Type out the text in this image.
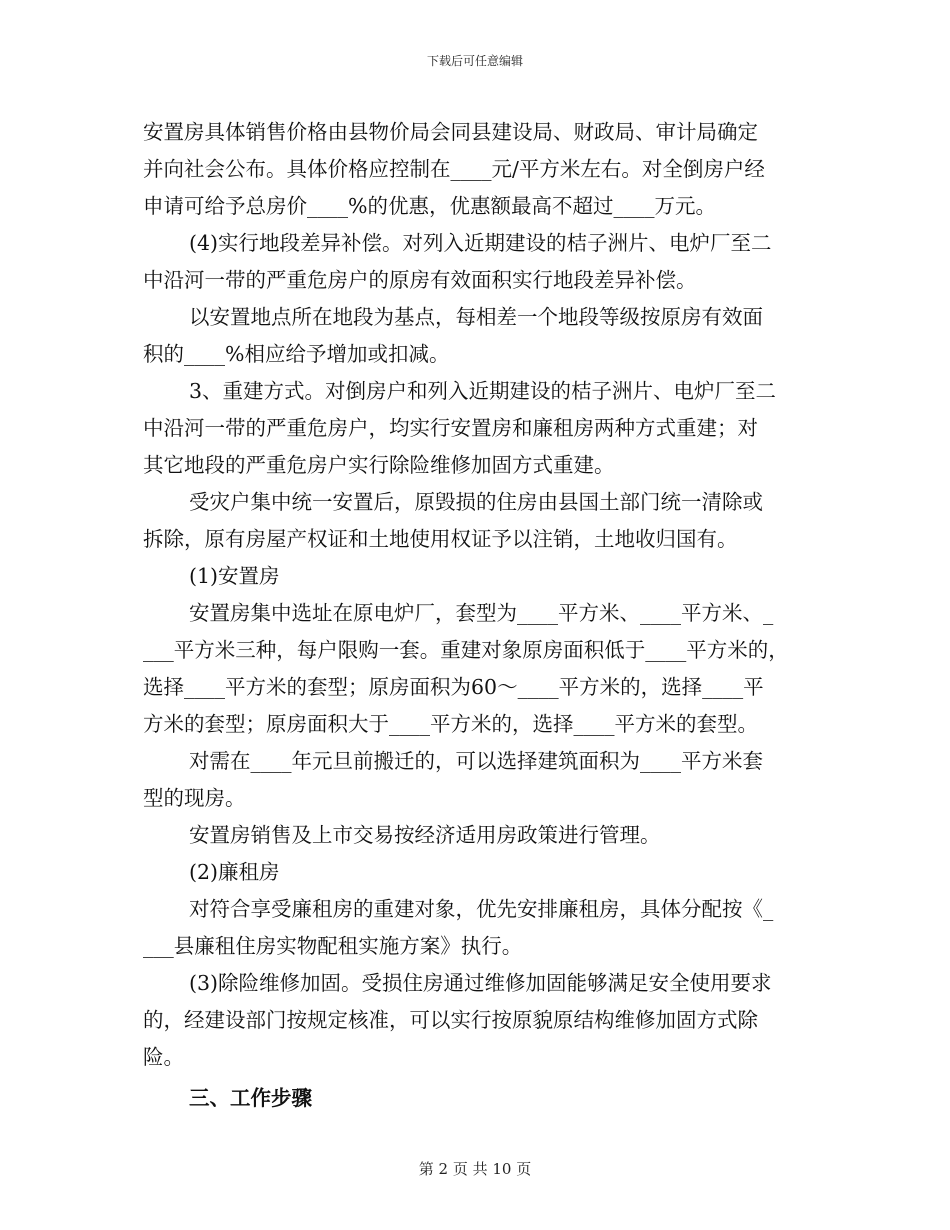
下载后可任意编辑
安置房具体销售价格由县物价局会同县建设局、财政局、审计局确定
并向社会公布。具体价格应控制在____元/平方米左右。对全倒房户经
申请可给予总房价____%的优惠，优惠额最高不超过____万元。
(4)实行地段差异补偿。对列入近期建设的桔子洲片、电炉厂至二
中沿河一带的严重危房户的原房有效面积实行地段差异补偿。
以安置地点所在地段为基点，每相差一个地段等级按原房有效面
积的____%相应给予增加或扣减。
3、重建方式。对倒房户和列入近期建设的桔子洲片、电炉厂至二
中沿河一带的严重危房户，均实行安置房和廉租房两种方式重建；对
其它地段的严重危房户实行除险维修加固方式重建。
受灾户集中统一安置后，原毁损的住房由县国土部门统一清除或
拆除，原有房屋产权证和土地使用权证予以注销，土地收归国有。
(1)安置房
安置房集中选址在原电炉厂，套型为____平方米、____平方米、_
___平方米三种，每户限购一套。重建对象原房面积低于____平方米的，
选择____平方米的套型；原房面积为60～____平方米的，选择____平
方米的套型；原房面积大于____平方米的，选择____平方米的套型。
对需在____年元旦前搬迁的，可以选择建筑面积为____平方米套
型的现房。
安置房销售及上市交易按经济适用房政策进行管理。
(2)廉租房
对符合享受廉租房的重建对象，优先安排廉租房，具体分配按《_
___县廉租住房实物配租实施方案》执行。
(3)除险维修加固。受损住房通过维修加固能够满足安全使用要求
的，经建设部门按规定核准，可以实行按原貌原结构维修加固方式除
险。
三、工作步骤
第 2 页 共 10 页
